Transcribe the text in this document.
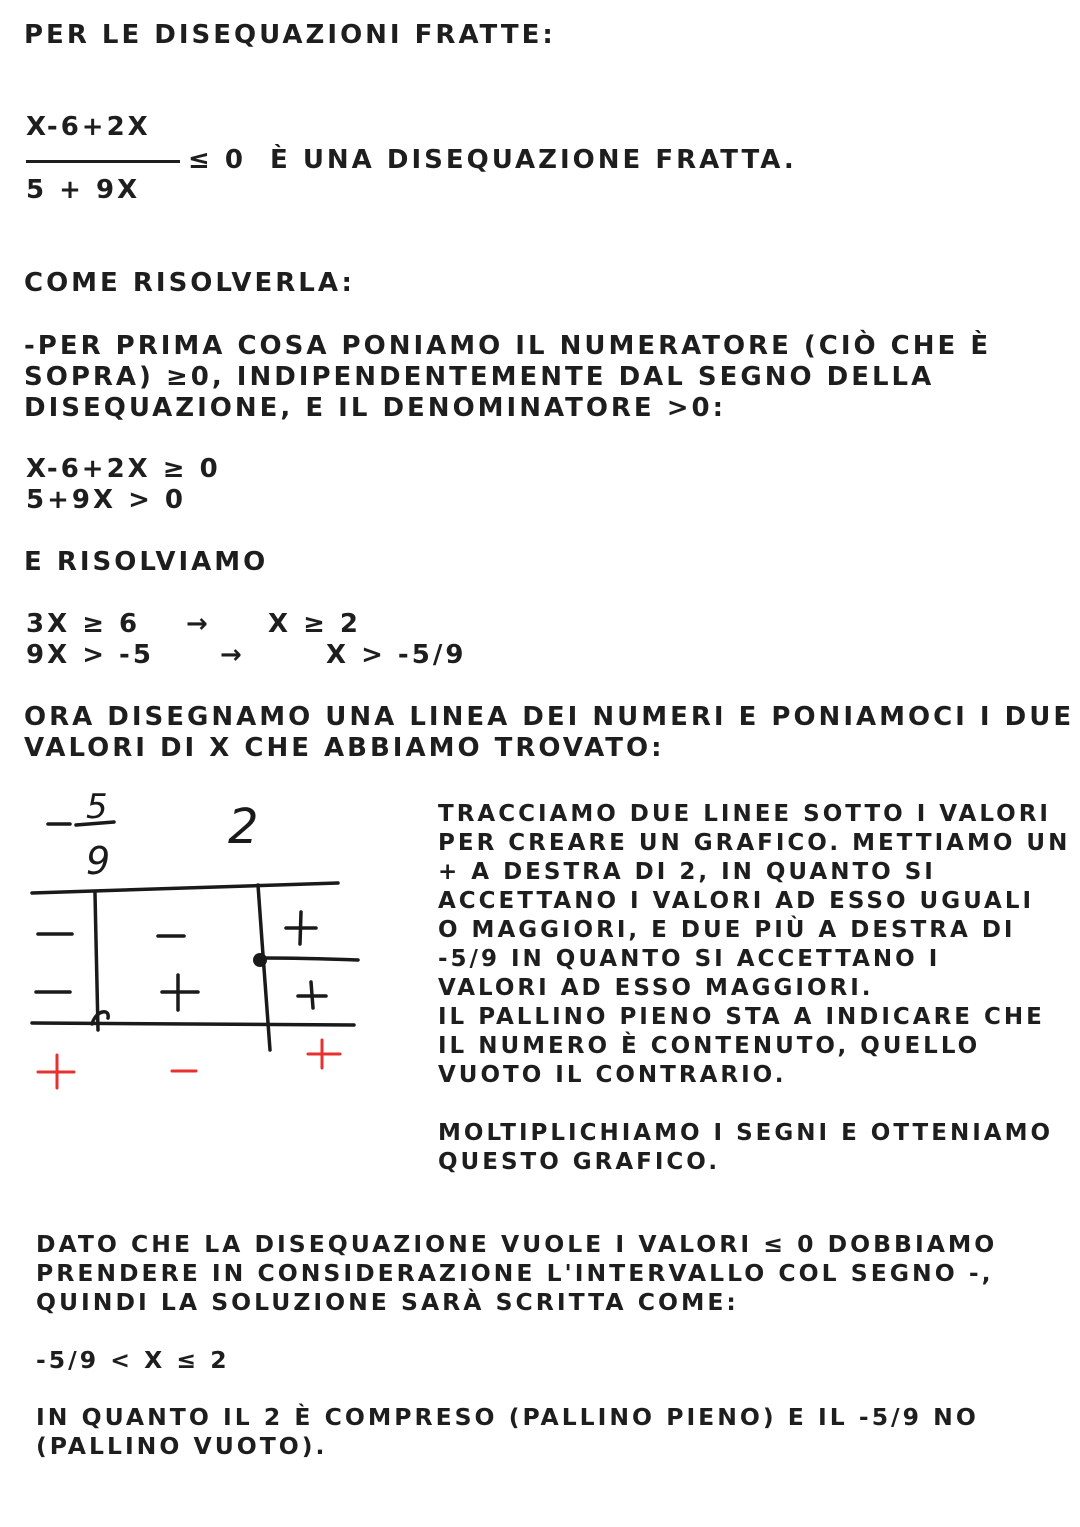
PER LE DISEQUAZIONI FRATTE:
X-6+2X
≤ 0 È UNA DISEQUAZIONE FRATTA.
5 + 9X
COME RISOLVERLA:
-PER PRIMA COSA PONIAMO IL NUMERATORE (CIÒ CHE È
SOPRA) ≥0, INDIPENDENTEMENTE DAL SEGNO DELLA
DISEQUAZIONE, E IL DENOMINATORE >0:
X-6+2X ≥ 0
5+9X > 0
E RISOLVIAMO
3X ≥ 6 → X ≥ 2
9X > -5	→	X > -5/9
ORA DISEGNAMO UNA LINEA DEI NUMERI E PONIAMOCI I DUE
VALORI DI X CHE ABBIAMO TROVATO:
5
9
2	TRACCIAMO DUE LINEE SOTTO I VALORI
PER CREARE UN GRAFICO. METTIAMO UN
+ A DESTRA DI 2, IN QUANTO SI
ACCETTANO I VALORI AD ESSO UGUALI
O MAGGIORI, E DUE PIÙ A DESTRA DI
-5/9 IN QUANTO SI ACCETTANO I
VALORI AD ESSO MAGGIORI.
IL PALLINO PIENO STA A INDICARE CHE
IL NUMERO È CONTENUTO, QUELLO
VUOTO IL CONTRARIO.
MOLTIPLICHIAMO I SEGNI E OTTENIAMO
QUESTO GRAFICO.
DATO CHE LA DISEQUAZIONE VUOLE I VALORI ≤ 0 DOBBIAMO
PRENDERE IN CONSIDERAZIONE L'INTERVALLO COL SEGNO -,
QUINDI LA SOLUZIONE SARÀ SCRITTA COME:
-5/9 < X ≤ 2
IN QUANTO IL 2 È COMPRESO (PALLINO PIENO) E IL -5/9 NO
(PALLINO VUOTO).
